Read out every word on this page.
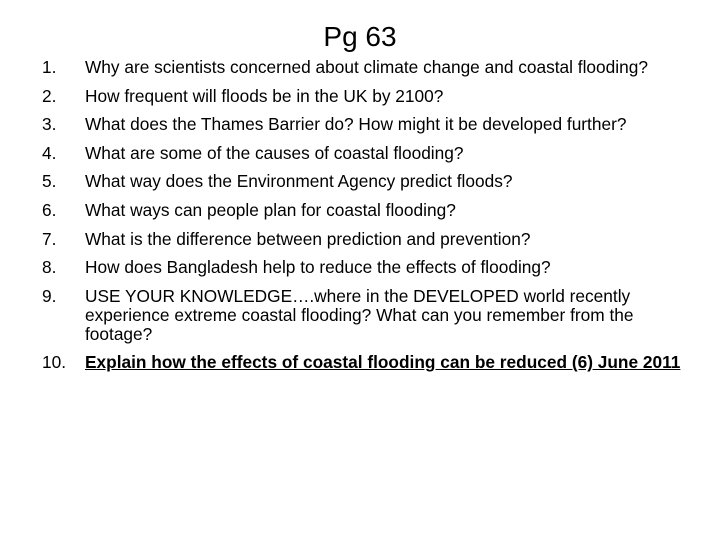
Pg 63
1.	Why are scientists concerned about climate change and coastal flooding?
2.	How frequent will floods be in the UK by 2100?
3.	What does the Thames Barrier do? How might it be developed further?
4.	What are some of the causes of coastal flooding?
5.	What way does the Environment Agency predict floods?
6.	What ways can people plan for coastal flooding?
7.	What is the difference between prediction and prevention?
8.	How does Bangladesh help to reduce the effects of flooding?
9.	USE YOUR KNOWLEDGE….where in the DEVELOPED world recently experience extreme coastal flooding? What can you remember from the footage?
10.	Explain how the effects of coastal flooding can be reduced (6) June 2011
